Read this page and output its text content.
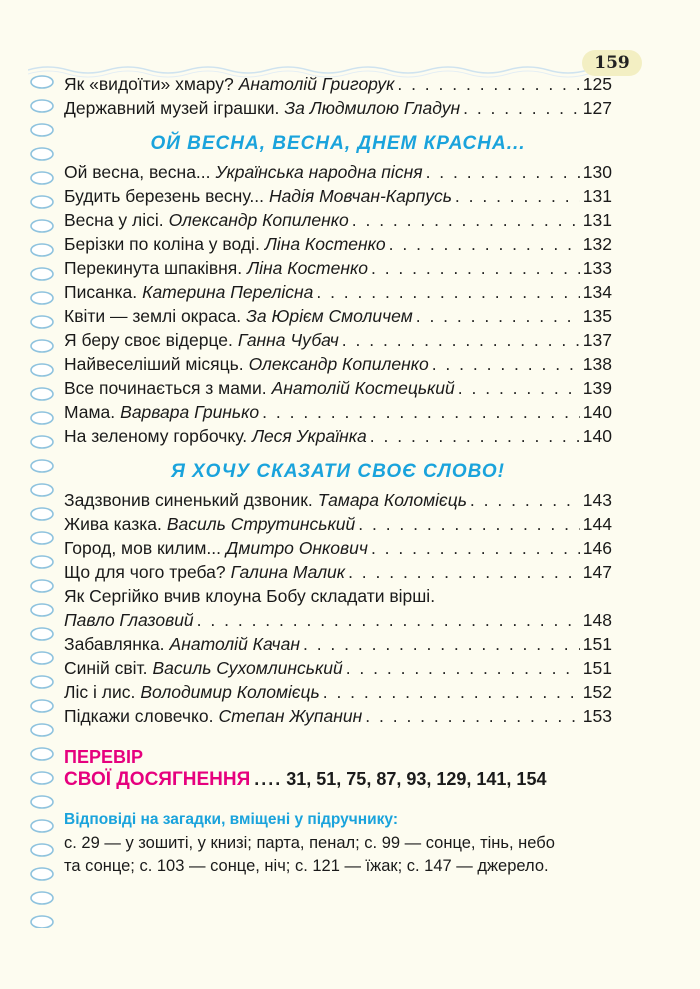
159
Як «видоїти» хмару? Анатолій Григорук . . .	125
Державний музей іграшки. За Людмилою Гладун . . .	127
ОЙ ВЕСНА, ВЕСНА, ДНЕМ КРАСНА...
Ой весна, весна... Українська народна пісня . . .	130
Будить березень весну... Надія Мовчан-Карпусь . . .	131
Весна у лісі. Олександр Копиленко . . .	131
Берізки по коліна у воді. Ліна Костенко . . .	132
Перекинута шпаківня. Ліна Костенко . . .	133
Писанка. Катерина Перелісна . . .	134
Квіти — землі окраса. За Юрієм Смоличем . . .	135
Я беру своє відерце. Ганна Чубач . . .	137
Найвеселіший місяць. Олександр Копиленко . . .	138
Все починається з мами. Анатолій Костецький . . .	139
Мама. Варвара Гринько . . .	140
На зеленому горбочку. Леся Українка . . .	140
Я ХОЧУ СКАЗАТИ СВОЄ СЛОВО!
Задзвонив синенький дзвоник. Тамара Коломієць . . .	143
Жива казка. Василь Струтинський . . .	144
Город, мов килим... Дмитро Онкович . . .	146
Що для чого треба? Галина Малик . . .	147
Як Сергійко вчив клоуна Бобу складати вірші.
Павло Глазовий . . .	148
Забавлянка. Анатолій Качан . . .	151
Синій світ. Василь Сухомлинський . . .	151
Ліс і лис. Володимир Коломієць . . .	152
Підкажи словечко. Степан Жупанин . . .	153
ПЕРЕВІР
СВОЇ ДОСЯГНЕННЯ .... 31, 51, 75, 87, 93, 129, 141, 154
Відповіді на загадки, вміщені у підручнику:
с. 29 — у зошиті, у книзі; парта, пенал; с. 99 — сонце, тінь, небо
та сонце; с. 103 — сонце, ніч; с. 121 — їжак; с. 147 — джерело.
